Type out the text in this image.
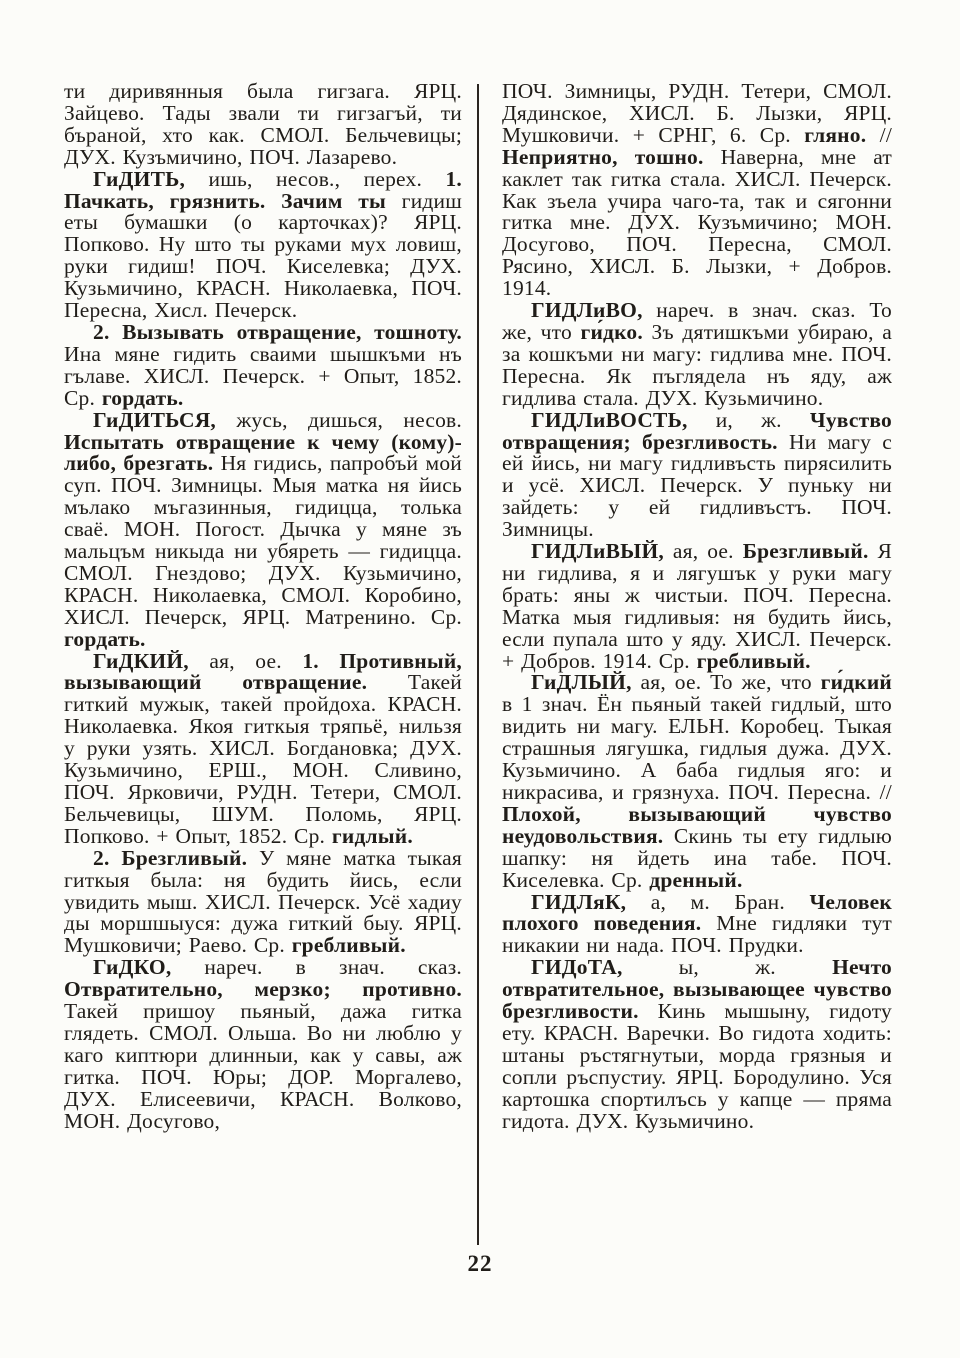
ти диривянныя была гигзага. ЯРЦ. Зайцево. Тады звали ти гигзагъй, ти бъраной, хто как. СМОЛ. Бельчевицы; ДУХ. Кузъмичино, ПОЧ. Лазарево.

ГиДИТЬ, ишь, несов., перех. 1. Пачкать, грязнить. Зачим ты гидиш еты бумашки (о карточках)? ЯРЦ. Попково. Ну што ты руками мух ловиш, руки гидиш! ПОЧ. Киселевка; ДУХ. Кузьмичино, КРАСН. Николаевка, ПОЧ. Пересна, Хисл. Печерск.

2. Вызывать отвращение, тошноту. Ина мяне гидить сваими шышкъми нъ гълаве. ХИСЛ. Печерск. + Опыт, 1852. Ср. гордать.

ГиДИТЬСЯ, жусь, дишься, несов. Испытать отвращение к чему (кому)-либо, брезгать. Ня гидись, папробъй мой суп. ПОЧ. Зимницы. Мыя матка ня йись мълако мъгазинныя, гидицца, толька сваё. МОН. Погост. Дычка у мяне зъ мальцъм никыда ни убяреть — гидицца. СМОЛ. Гнездово; ДУХ. Кузьмичино, КРАСН. Николаевка, СМОЛ. Коробино, ХИСЛ. Печерск, ЯРЦ. Матренино. Ср. гордать.

ГиДКИЙ, ая, ое. 1. Противный, вызывающий отвращение. Такей гиткий мужык, такей пройдоха. КРАСН. Николаевка. Якоя гиткыя тряпьё, нильзя у руки узять. ХИСЛ. Богдановка; ДУХ. Кузьмичино, ЕРШ., МОН. Сливино, ПОЧ. Ярковичи, РУДН. Тетери, СМОЛ. Бельчевицы, ШУМ. Поломь, ЯРЦ. Попково. + Опыт, 1852. Ср. гидлый.

2. Брезгливый. У мяне матка тыкая гиткыя была: ня будить йись, если увидить мыш. ХИСЛ. Печерск. Усё хадиу ды моршшыуся: дужа гиткий быу. ЯРЦ. Мушковичи; Раево. Ср. гребливый.

ГиДКО, нареч. в знач. сказ. Отвратительно, мерзко; противно. Такей пришоу пьяный, дажа гитка глядеть. СМОЛ. Ольша. Во ни люблю у каго киптюри длинныи, как у савы, аж гитка. ПОЧ. Юры; ДОР. Моргалево, ДУХ. Елисеевичи, КРАСН. Волково, МОН. Досугово,

ПОЧ. Зимницы, РУДН. Тетери, СМОЛ. Дядинское, ХИСЛ. Б. Лызки, ЯРЦ. Мушковичи. + СРНГ, 6. Ср. гляно. // Неприятно, тошно. Наверна, мне ат каклет так гитка стала. ХИСЛ. Печерск. Как зъела учира чаго-та, так и сягонни гитка мне. ДУХ. Кузъмичино; МОН. Досугово, ПОЧ. Пересна, СМОЛ. Рясино, ХИСЛ. Б. Лызки, + Добров. 1914.

ГИДЛиВО, нареч. в знач. сказ. То же, что ги́дко. Зъ дятишкъми убираю, а за кошкъми ни магу: гидлива мне. ПОЧ. Пересна. Як пъгляделa нъ яду, аж гидлива стала. ДУХ. Кузьмичино.

ГИДЛиВОСТЬ, и, ж. Чувство отвращения; брезгливость. Ни магу с ей йись, ни магу гидливъсть пирясилить и усё. ХИСЛ. Печерск. У пуньку ни зайдеть: у ей гидливъстъ. ПОЧ. Зимницы.

ГИДЛиВЫЙ, ая, ое. Брезгливый. Я ни гидлива, я и лягушък у руки магу брать: яны ж чистыи. ПОЧ. Пересна. Матка мыя гидливыя: ня будить йись, если пупала што у яду. ХИСЛ. Печерск. + Добров. 1914. Ср. гребливый.

ГиДЛЫЙ, ая, ое. То же, что ги́дкий в 1 знач. Ён пьяный такей гидлый, што видить ни магу. ЕЛЬН. Коробец. Тыкая страшныя лягушка, гидлыя дужа. ДУХ. Кузьмичино. А баба гидлыя яго: и никрасива, и грязнуха. ПОЧ. Пересна. // Плохой, вызывающий чувство неудовольствия. Скинь ты ету гидлыю шапку: ня йдеть ина табе. ПОЧ. Киселевка. Ср. дренный.

ГИДЛяК, а, м. Бран. Человек плохого поведения. Мне гидляки тут никакии ни нада. ПОЧ. Прудки.

ГИДоТА, ы, ж. Нечто отвратительное, вызывающее чувство брезгливости. Кинь мышыну, гидоту ету. КРАСН. Варечки. Во гидота ходить: штаны ръстягнутыи, морда грязныя и сопли ръспустиу. ЯРЦ. Бородулино. Уся картошка спортилъсь у капце — пряма гидота. ДУХ. Кузьмичино.

22
